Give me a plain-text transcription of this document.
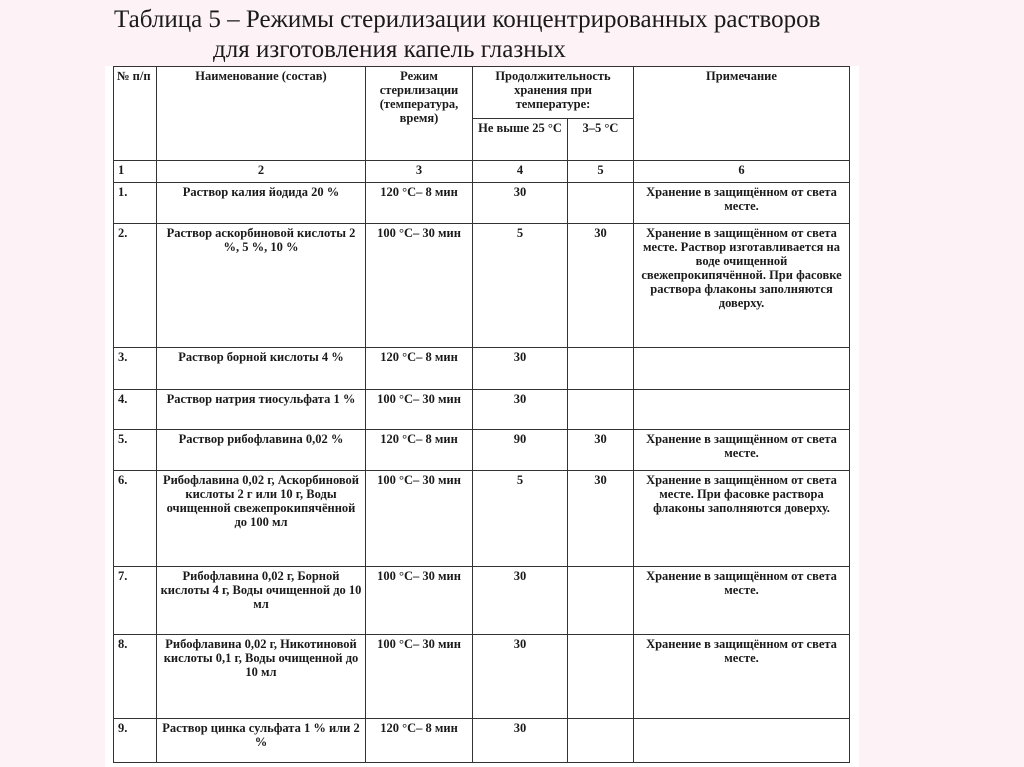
Таблица 5 – Режимы стерилизации концентрированных растворов
для изготовления капель глазных
№ п/п	Наименование (состав)	Режим стерилизации (температура, время)	Продолжительность хранения при температуре:		Примечание
			Не выше 25 °C	3–5 °C	
1	2	3	4	5	6
1.	Раствор калия йодида 20 %	120 °C– 8 мин	30		Хранение в защищённом от света месте.
2.	Раствор аскорбиновой кислоты 2 %, 5 %, 10 %	100 °C– 30 мин	5	30	Хранение в защищённом от света месте. Раствор изготавливается на воде очищенной свежепрокипячённой. При фасовке раствора флаконы заполняются доверху.
3.	Раствор борной кислоты 4 %	120 °C– 8 мин	30		
4.	Раствор натрия тиосульфата 1 %	100 °C– 30 мин	30		
5.	Раствор рибофлавина 0,02 %	120 °C– 8 мин	90	30	Хранение в защищённом от света месте.
6.	Рибофлавина 0,02 г, Аскорбиновой кислоты 2 г или 10 г, Воды очищенной свежепрокипячённой до 100 мл	100 °C– 30 мин	5	30	Хранение в защищённом от света месте. При фасовке раствора флаконы заполняются доверху.
7.	Рибофлавина 0,02 г, Борной кислоты 4 г, Воды очищенной до 10 мл	100 °C– 30 мин	30		Хранение в защищённом от света месте.
8.	Рибофлавина 0,02 г, Никотиновой кислоты 0,1 г, Воды очищенной до 10 мл	100 °C– 30 мин	30		Хранение в защищённом от света месте.
9.	Раствор цинка сульфата 1 % или 2 %	120 °C– 8 мин	30		
